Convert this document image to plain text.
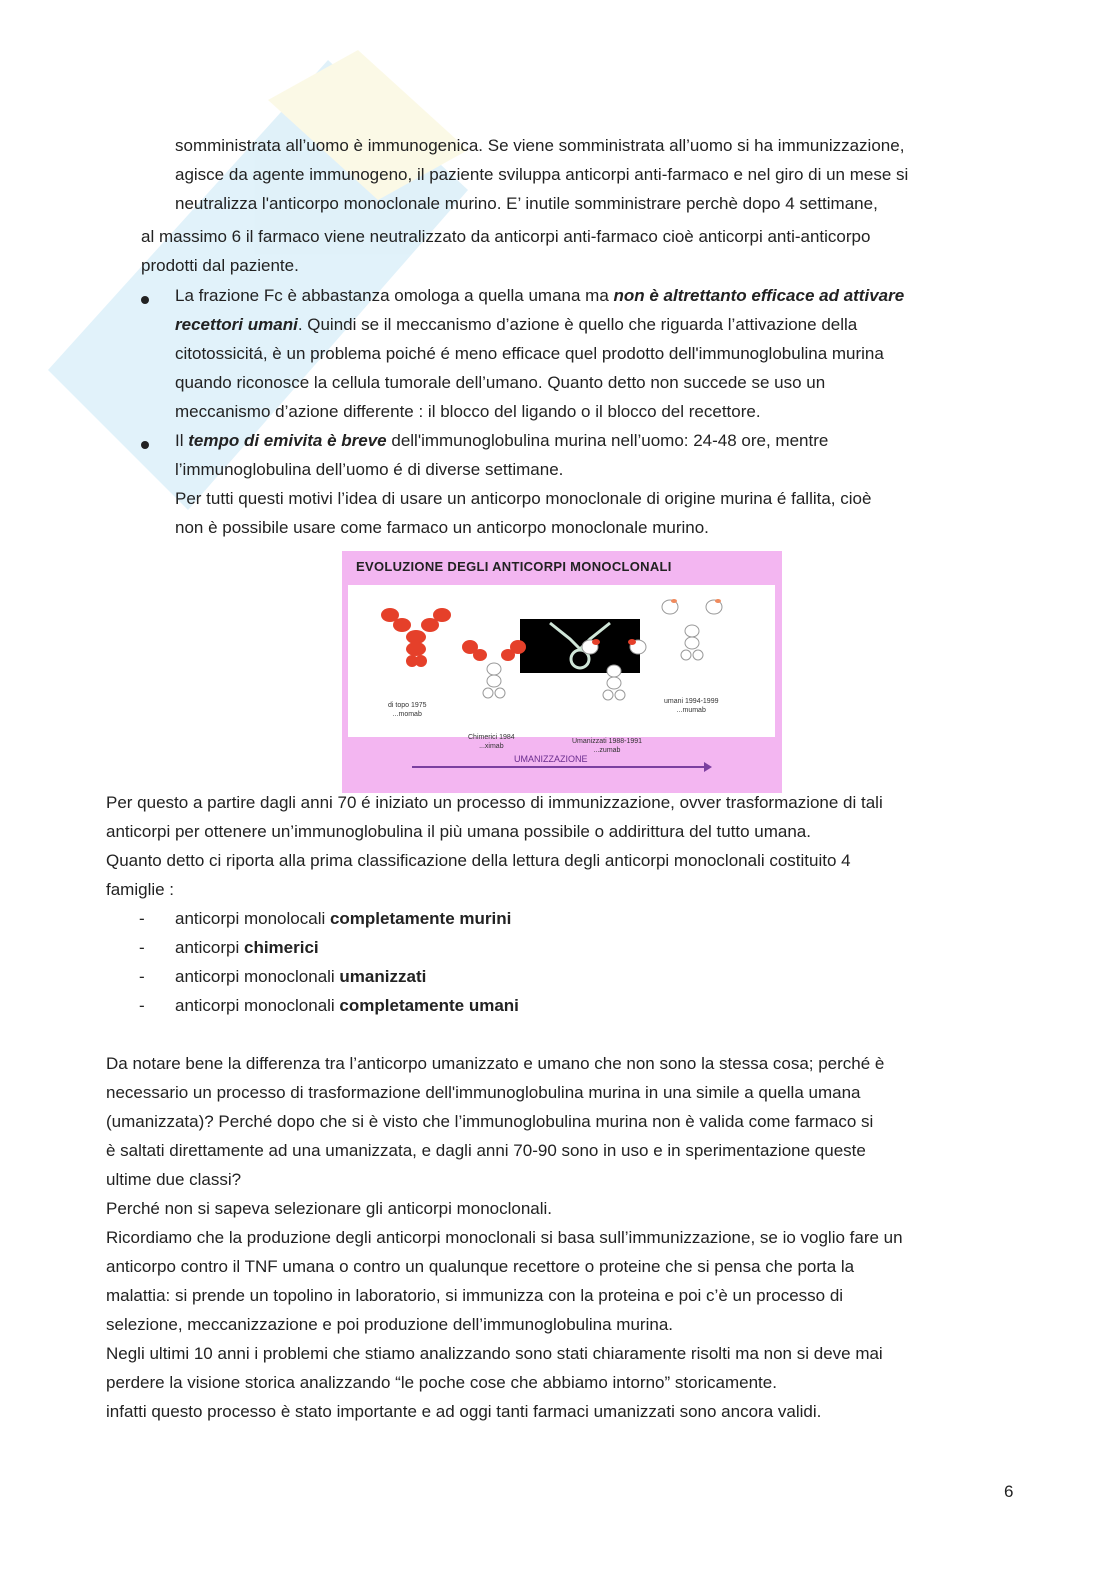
somministrata all’uomo è immunogenica. Se viene somministrata all’uomo si ha immunizzazione,
agisce da agente immunogeno, il paziente sviluppa anticorpi anti-farmaco e nel giro di un mese si
neutralizza l'anticorpo monoclonale murino. E’ inutile somministrare perchè dopo 4 settimane,
al massimo 6 il farmaco viene neutralizzato da anticorpi anti-farmaco cioè anticorpi anti-anticorpo
prodotti dal paziente.
La frazione Fc è abbastanza omologa a quella umana ma non è altrettanto efficace ad attivare
recettori umani. Quindi se il meccanismo d’azione è quello che riguarda l’attivazione della
citotossicitá, è un problema poiché é meno efficace quel prodotto dell'immunoglobulina murina
quando riconosce la cellula tumorale dell’umano. Quanto detto non succede se uso un
meccanismo d’azione differente : il blocco del ligando o il blocco del recettore.
Il tempo di emivita è breve dell'immunoglobulina murina nell’uomo: 24-48 ore, mentre
l’immunoglobulina dell’uomo é di diverse settimane.
Per tutti questi motivi l’idea di usare un anticorpo monoclonale di origine murina é fallita, cioè
non è possibile usare come farmaco un anticorpo monoclonale murino.
EVOLUZIONE DEGLI ANTICORPI MONOCLONALI
di topo 1975
...momab
Chimerici 1984
...ximab
Umanizzati 1988-1991
...zumab
umani 1994-1999
...mumab
UMANIZZAZIONE
Per questo a partire dagli anni 70 é iniziato un processo di immunizzazione, ovver trasformazione di tali
anticorpi per ottenere un’immunoglobulina il più umana possibile o addirittura del tutto umana.
Quanto detto ci riporta alla prima classificazione della lettura degli anticorpi monoclonali costituito 4
famiglie :
- anticorpi monolocali completamente murini
- anticorpi chimerici
- anticorpi monoclonali umanizzati
- anticorpi monoclonali completamente umani
Da notare bene la differenza tra l’anticorpo umanizzato e umano che non sono la stessa cosa; perché è
necessario un processo di trasformazione dell'immunoglobulina murina in una simile a quella umana
(umanizzata)? Perché dopo che si è visto che l’immunoglobulina murina non è valida come farmaco si
è saltati direttamente ad una umanizzata, e dagli anni 70-90 sono in uso e in sperimentazione queste
ultime due classi?
Perché non si sapeva selezionare gli anticorpi monoclonali.
Ricordiamo che la produzione degli anticorpi monoclonali si basa sull’immunizzazione, se io voglio fare un
anticorpo contro il TNF umana o contro un qualunque recettore o proteine che si pensa che porta la
malattia: si prende un topolino in laboratorio, si immunizza con la proteina e poi c’è un processo di
selezione, meccanizzazione e poi produzione dell’immunoglobulina murina.
Negli ultimi 10 anni i problemi che stiamo analizzando sono stati chiaramente risolti ma non si deve mai
perdere la visione storica analizzando “le poche cose che abbiamo intorno” storicamente.
infatti questo processo è stato importante e ad oggi tanti farmaci umanizzati sono ancora validi.
6
